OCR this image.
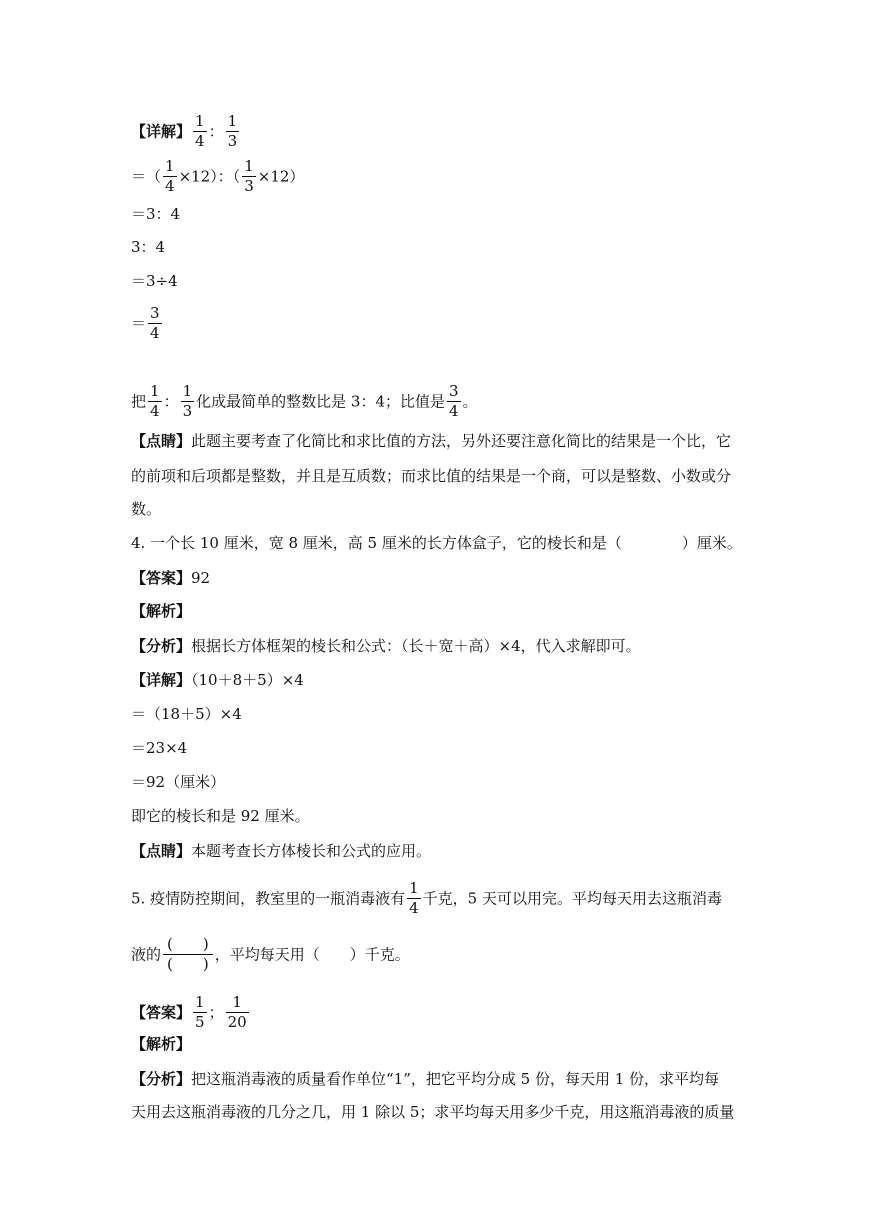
【详解】 $\frac{1}{4}$ ： $\frac{1}{3}$
＝（ $\frac{1}{4} \times 12$）：（ $\frac{1}{3} \times 12$）
＝3：4
3：4
＝3÷4
＝ $\frac{3}{4}$
把 $\frac{1}{4}$ ： $\frac{1}{3}$ 化成最简单的整数比是 3：4；比值是 $\frac{3}{4}$ 。
【点睛】此题主要考查了化简比和求比值的方法，另外还要注意化简比的结果是一个比，它
的前项和后项都是整数，并且是互质数；而求比值的结果是一个商，可以是整数、小数或分
数。
4. 一个长 10 厘米，宽 8 厘米，高 5 厘米的长方体盒子，它的棱长和是（　　　　）厘米。
【答案】92
【解析】
【分析】根据长方体框架的棱长和公式：（长＋宽＋高）×4，代入求解即可。
【详解】（10＋8＋5）×4
＝（18＋5）×4
＝23×4
＝92（厘米）
即它的棱长和是 92 厘米。
【点睛】本题考查长方体棱长和公式的应用。
5. 疫情防控期间，教室里的一瓶消毒液有 $\frac{1}{4}$ 千克，5 天可以用完。平均每天用去这瓶消毒
液的 $\frac{( )}{( )}$ ，平均每天用（　　）千克。
【答案】 $\frac{1}{5}$ ； $\frac{1}{20}$
【解析】
【分析】把这瓶消毒液的质量看作单位“1”，把它平均分成 5 份，每天用 1 份，求平均每
天用去这瓶消毒液的几分之几，用 1 除以 5；求平均每天用多少千克，用这瓶消毒液的质量
